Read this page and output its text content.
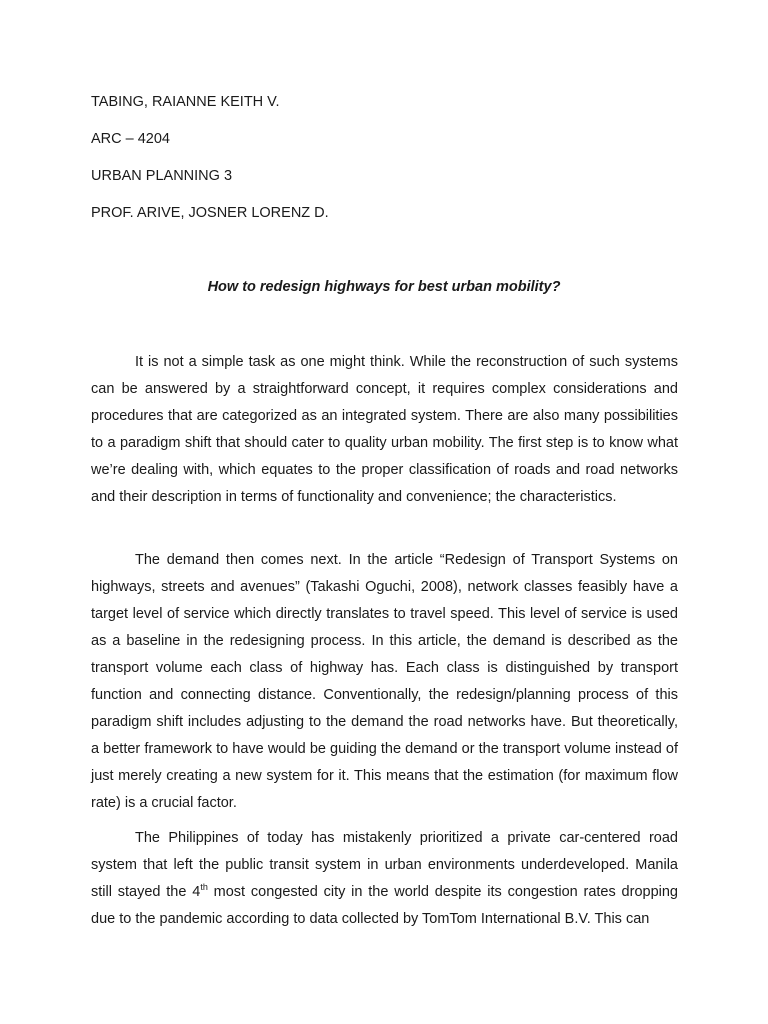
TABING, RAIANNE KEITH V.
ARC – 4204
URBAN PLANNING 3
PROF. ARIVE, JOSNER LORENZ D.
How to redesign highways for best urban mobility?

It is not a simple task as one might think. While the reconstruction of such systems can be answered by a straightforward concept, it requires complex considerations and procedures that are categorized as an integrated system. There are also many possibilities to a paradigm shift that should cater to quality urban mobility. The first step is to know what we’re dealing with, which equates to the proper classification of roads and road networks and their description in terms of functionality and convenience; the characteristics.

The demand then comes next. In the article “Redesign of Transport Systems on highways, streets and avenues” (Takashi Oguchi, 2008), network classes feasibly have a target level of service which directly translates to travel speed. This level of service is used as a baseline in the redesigning process. In this article, the demand is described as the transport volume each class of highway has. Each class is distinguished by transport function and connecting distance. Conventionally, the redesign/planning process of this paradigm shift includes adjusting to the demand the road networks have. But theoretically, a better framework to have would be guiding the demand or the transport volume instead of just merely creating a new system for it. This means that the estimation (for maximum flow rate) is a crucial factor.

The Philippines of today has mistakenly prioritized a private car-centered road system that left the public transit system in urban environments underdeveloped. Manila still stayed the 4th most congested city in the world despite its congestion rates dropping due to the pandemic according to data collected by TomTom International B.V. This can
